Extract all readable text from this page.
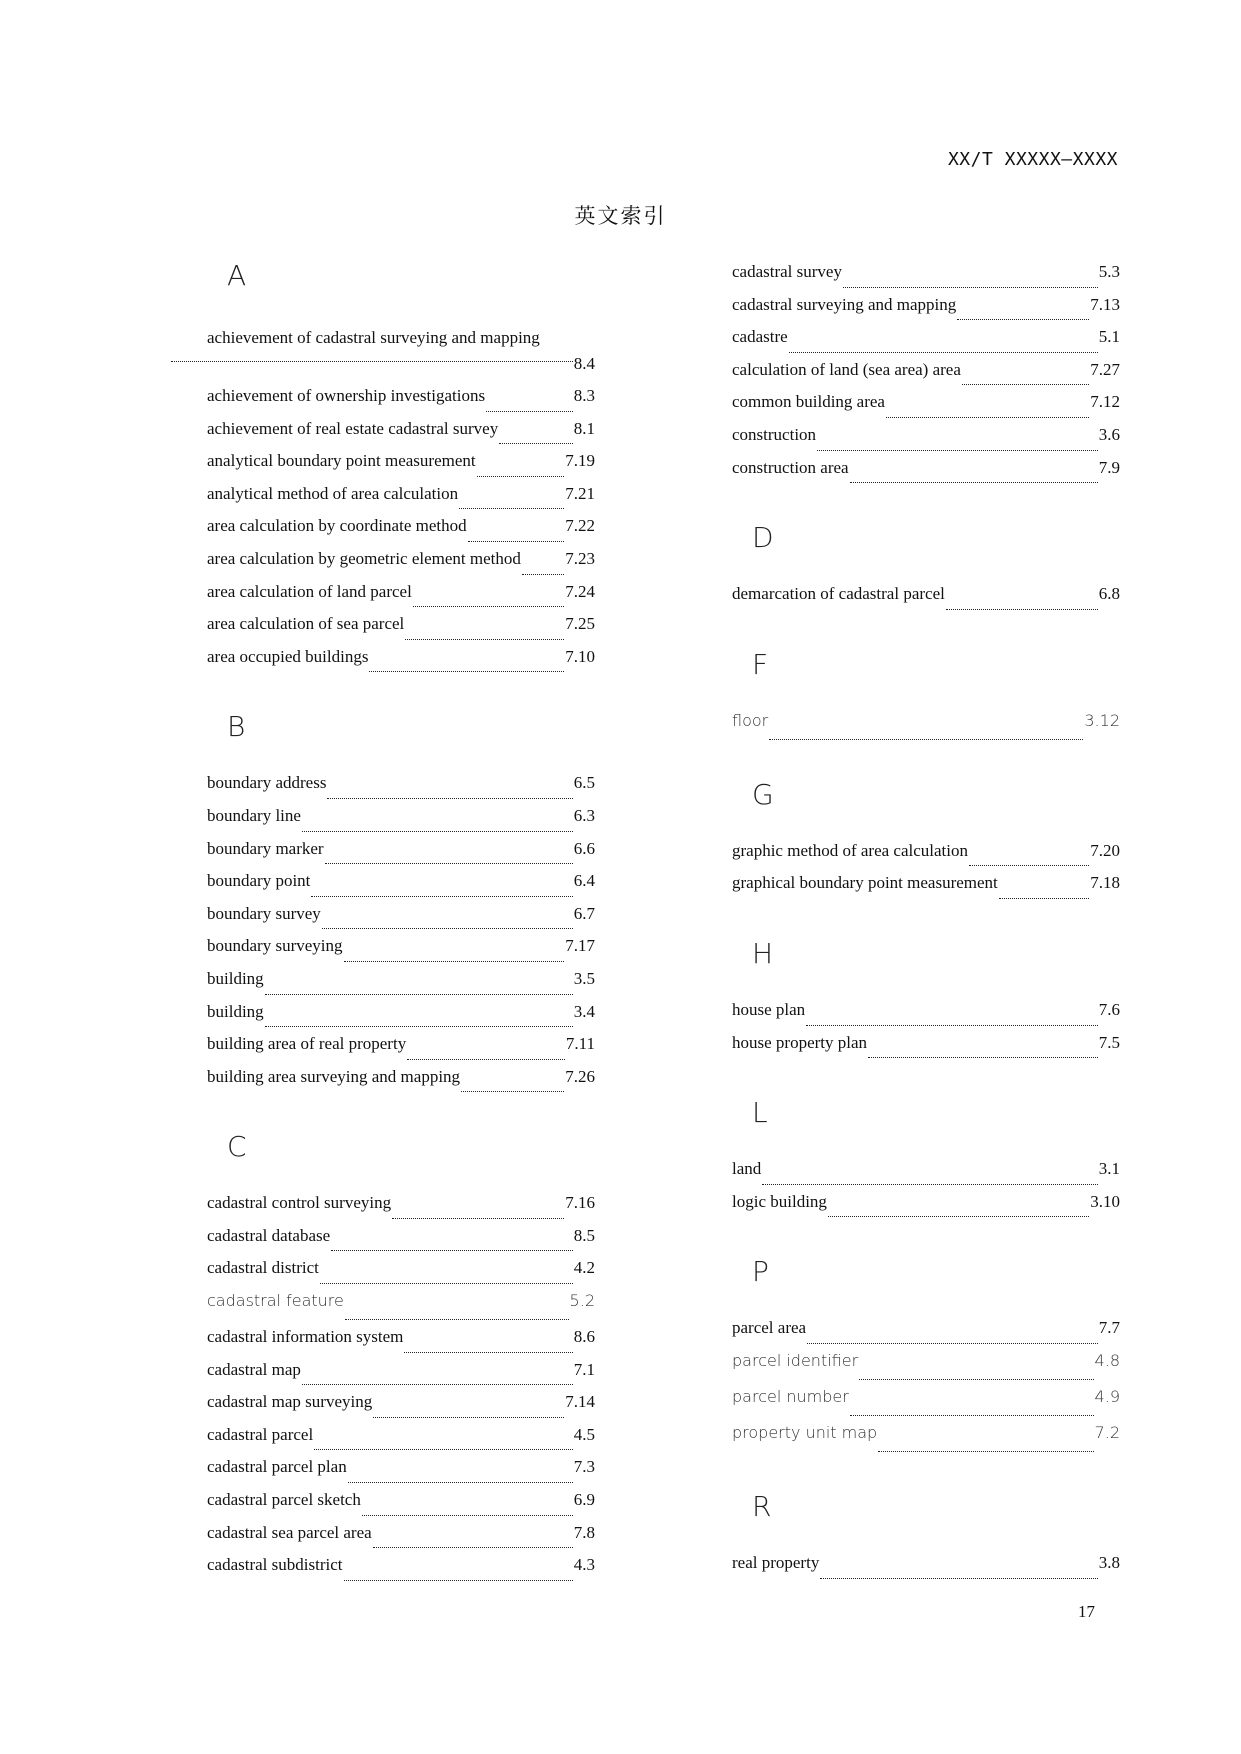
XX/T XXXXX—XXXX
英文索引
A
achievement of cadastral surveying and mapping
8.4
achievement of ownership investigations	8.3
achievement of real estate cadastral survey	8.1
analytical boundary point measurement	7.19
analytical method of area calculation	7.21
area calculation by coordinate method	7.22
area calculation by geometric element method	7.23
area calculation of land parcel	7.24
area calculation of sea parcel	7.25
area occupied buildings	7.10
B
boundary address	6.5
boundary line	6.3
boundary marker	6.6
boundary point	6.4
boundary survey	6.7
boundary surveying	7.17
building	3.5
building	3.4
building area of real property	7.11
building area surveying and mapping	7.26
C
cadastral control surveying	7.16
cadastral database	8.5
cadastral district	4.2
cadastral feature	5.2
cadastral information system	8.6
cadastral map	7.1
cadastral map surveying	7.14
cadastral parcel	4.5
cadastral parcel plan	7.3
cadastral parcel sketch	6.9
cadastral sea parcel area	7.8
cadastral subdistrict	4.3
cadastral survey	5.3
cadastral surveying and mapping	7.13
cadastre	5.1
calculation of land (sea area) area	7.27
common building area	7.12
construction	3.6
construction area	7.9
D
demarcation of cadastral parcel	6.8
F
floor	3.12
G
graphic method of area calculation	7.20
graphical boundary point measurement	7.18
H
house plan	7.6
house property plan	7.5
L
land	3.1
logic building	3.10
P
parcel area	7.7
parcel identifier	4.8
parcel number	4.9
property unit map	7.2
R
real property	3.8
17
